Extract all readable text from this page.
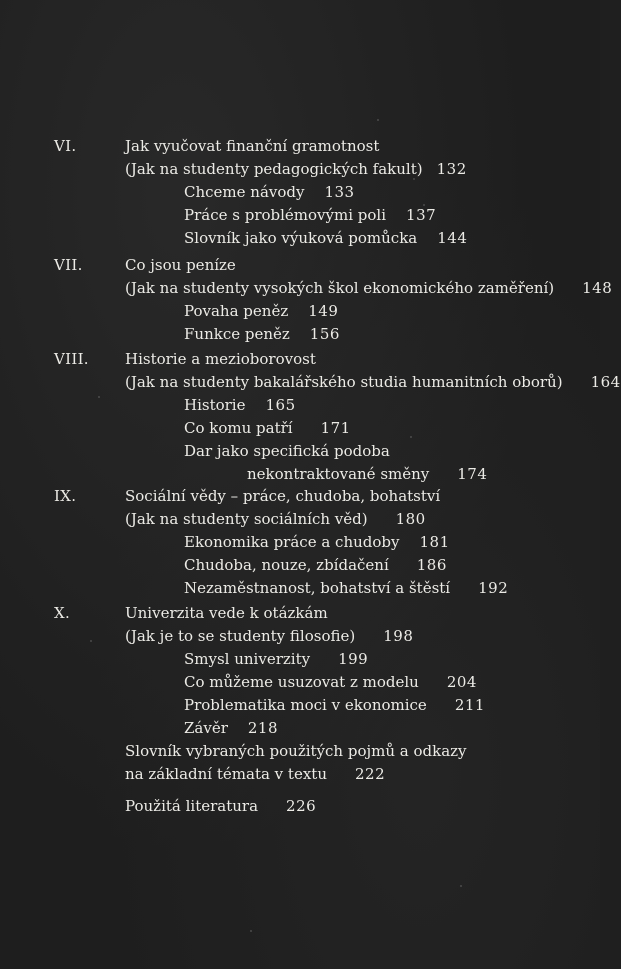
VI.	Jak vyučovat finanční gramotnost
(Jak na studenty pedagogických fakult) 132
Chceme návody 133
Práce s problémovými poli 137
Slovník jako výuková pomůcka 144
VII.	Co jsou peníze
(Jak na studenty vysokých škol ekonomického zaměření) 148
Povaha peněz 149
Funkce peněz 156
VIII. Historie a mezioborovost
(Jak na studenty bakalářského studia humanitních oborů) 164
Historie 165
Co komu patří 171
Dar jako specifická podoba
nekontraktované směny 174
IX.	Sociální vědy – práce, chudoba, bohatství
(Jak na studenty sociálních věd) 180
Ekonomika práce a chudoby 181
Chudoba, nouze, zbídačení 186
Nezaměstnanost, bohatství a štěstí 192
X.	Univerzita vede k otázkám
(Jak je to se studenty filosofie) 198
Smysl univerzity 199
Co můžeme usuzovat z modelu 204
Problematika moci v ekonomice 211
Závěr 218
Slovník vybraných použitých pojmů a odkazy
na základní témata v textu 222
Použitá literatura 226
